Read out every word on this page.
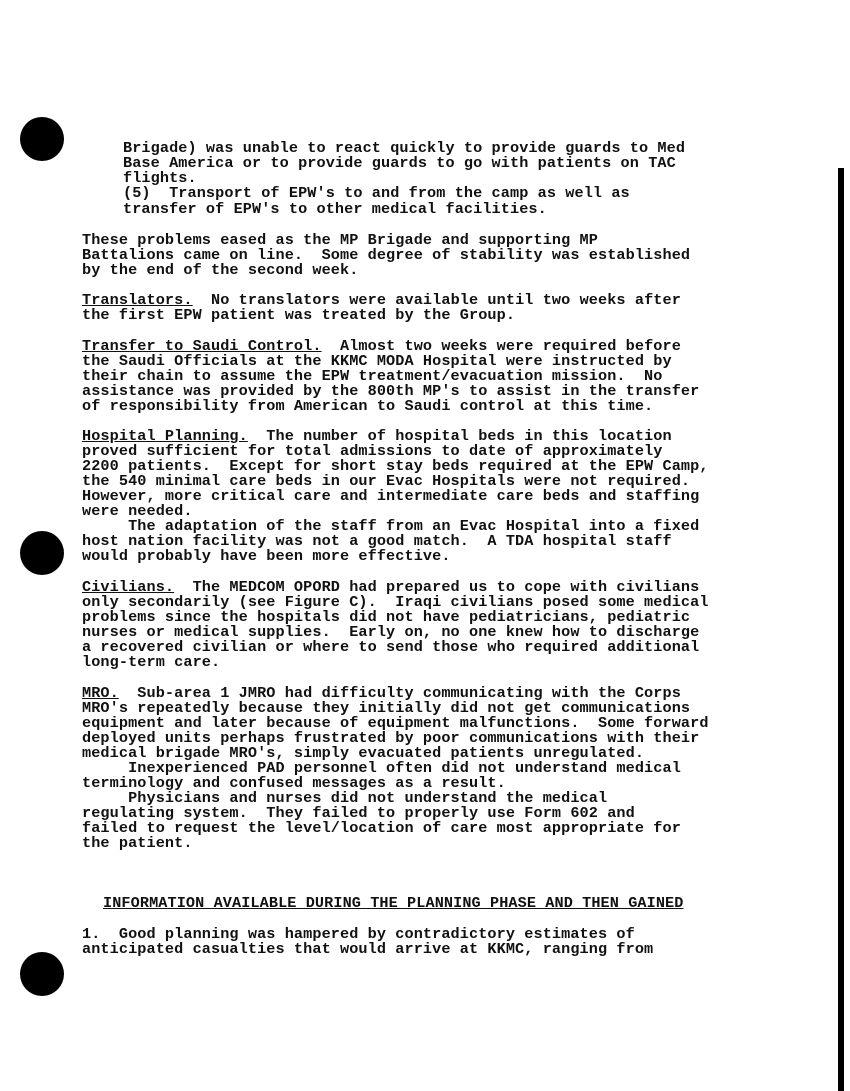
Brigade) was unable to react quickly to provide guards to Med
Base America or to provide guards to go with patients on TAC
flights.
(5)  Transport of EPW's to and from the camp as well as
transfer of EPW's to other medical facilities.
These problems eased as the MP Brigade and supporting MP
Battalions came on line.  Some degree of stability was established
by the end of the second week.
Translators.  No translators were available until two weeks after
the first EPW patient was treated by the Group.
Transfer to Saudi Control.  Almost two weeks were required before
the Saudi Officials at the KKMC MODA Hospital were instructed by
their chain to assume the EPW treatment/evacuation mission.  No
assistance was provided by the 800th MP's to assist in the transfer
of responsibility from American to Saudi control at this time.
Hospital Planning.  The number of hospital beds in this location
proved sufficient for total admissions to date of approximately
2200 patients.  Except for short stay beds required at the EPW Camp,
the 540 minimal care beds in our Evac Hospitals were not required.
However, more critical care and intermediate care beds and staffing
were needed.
The adaptation of the staff from an Evac Hospital into a fixed
host nation facility was not a good match.  A TDA hospital staff
would probably have been more effective.
Civilians.  The MEDCOM OPORD had prepared us to cope with civilians
only secondarily (see Figure C).  Iraqi civilians posed some medical
problems since the hospitals did not have pediatricians, pediatric
nurses or medical supplies.  Early on, no one knew how to discharge
a recovered civilian or where to send those who required additional
long-term care.
MRO.  Sub-area 1 JMRO had difficulty communicating with the Corps
MRO's repeatedly because they initially did not get communications
equipment and later because of equipment malfunctions.  Some forward
deployed units perhaps frustrated by poor communications with their
medical brigade MRO's, simply evacuated patients unregulated.
Inexperienced PAD personnel often did not understand medical
terminology and confused messages as a result.
Physicians and nurses did not understand the medical
regulating system.  They failed to properly use Form 602 and
failed to request the level/location of care most appropriate for
the patient.
INFORMATION AVAILABLE DURING THE PLANNING PHASE AND THEN GAINED
1.  Good planning was hampered by contradictory estimates of
anticipated casualties that would arrive at KKMC, ranging from
